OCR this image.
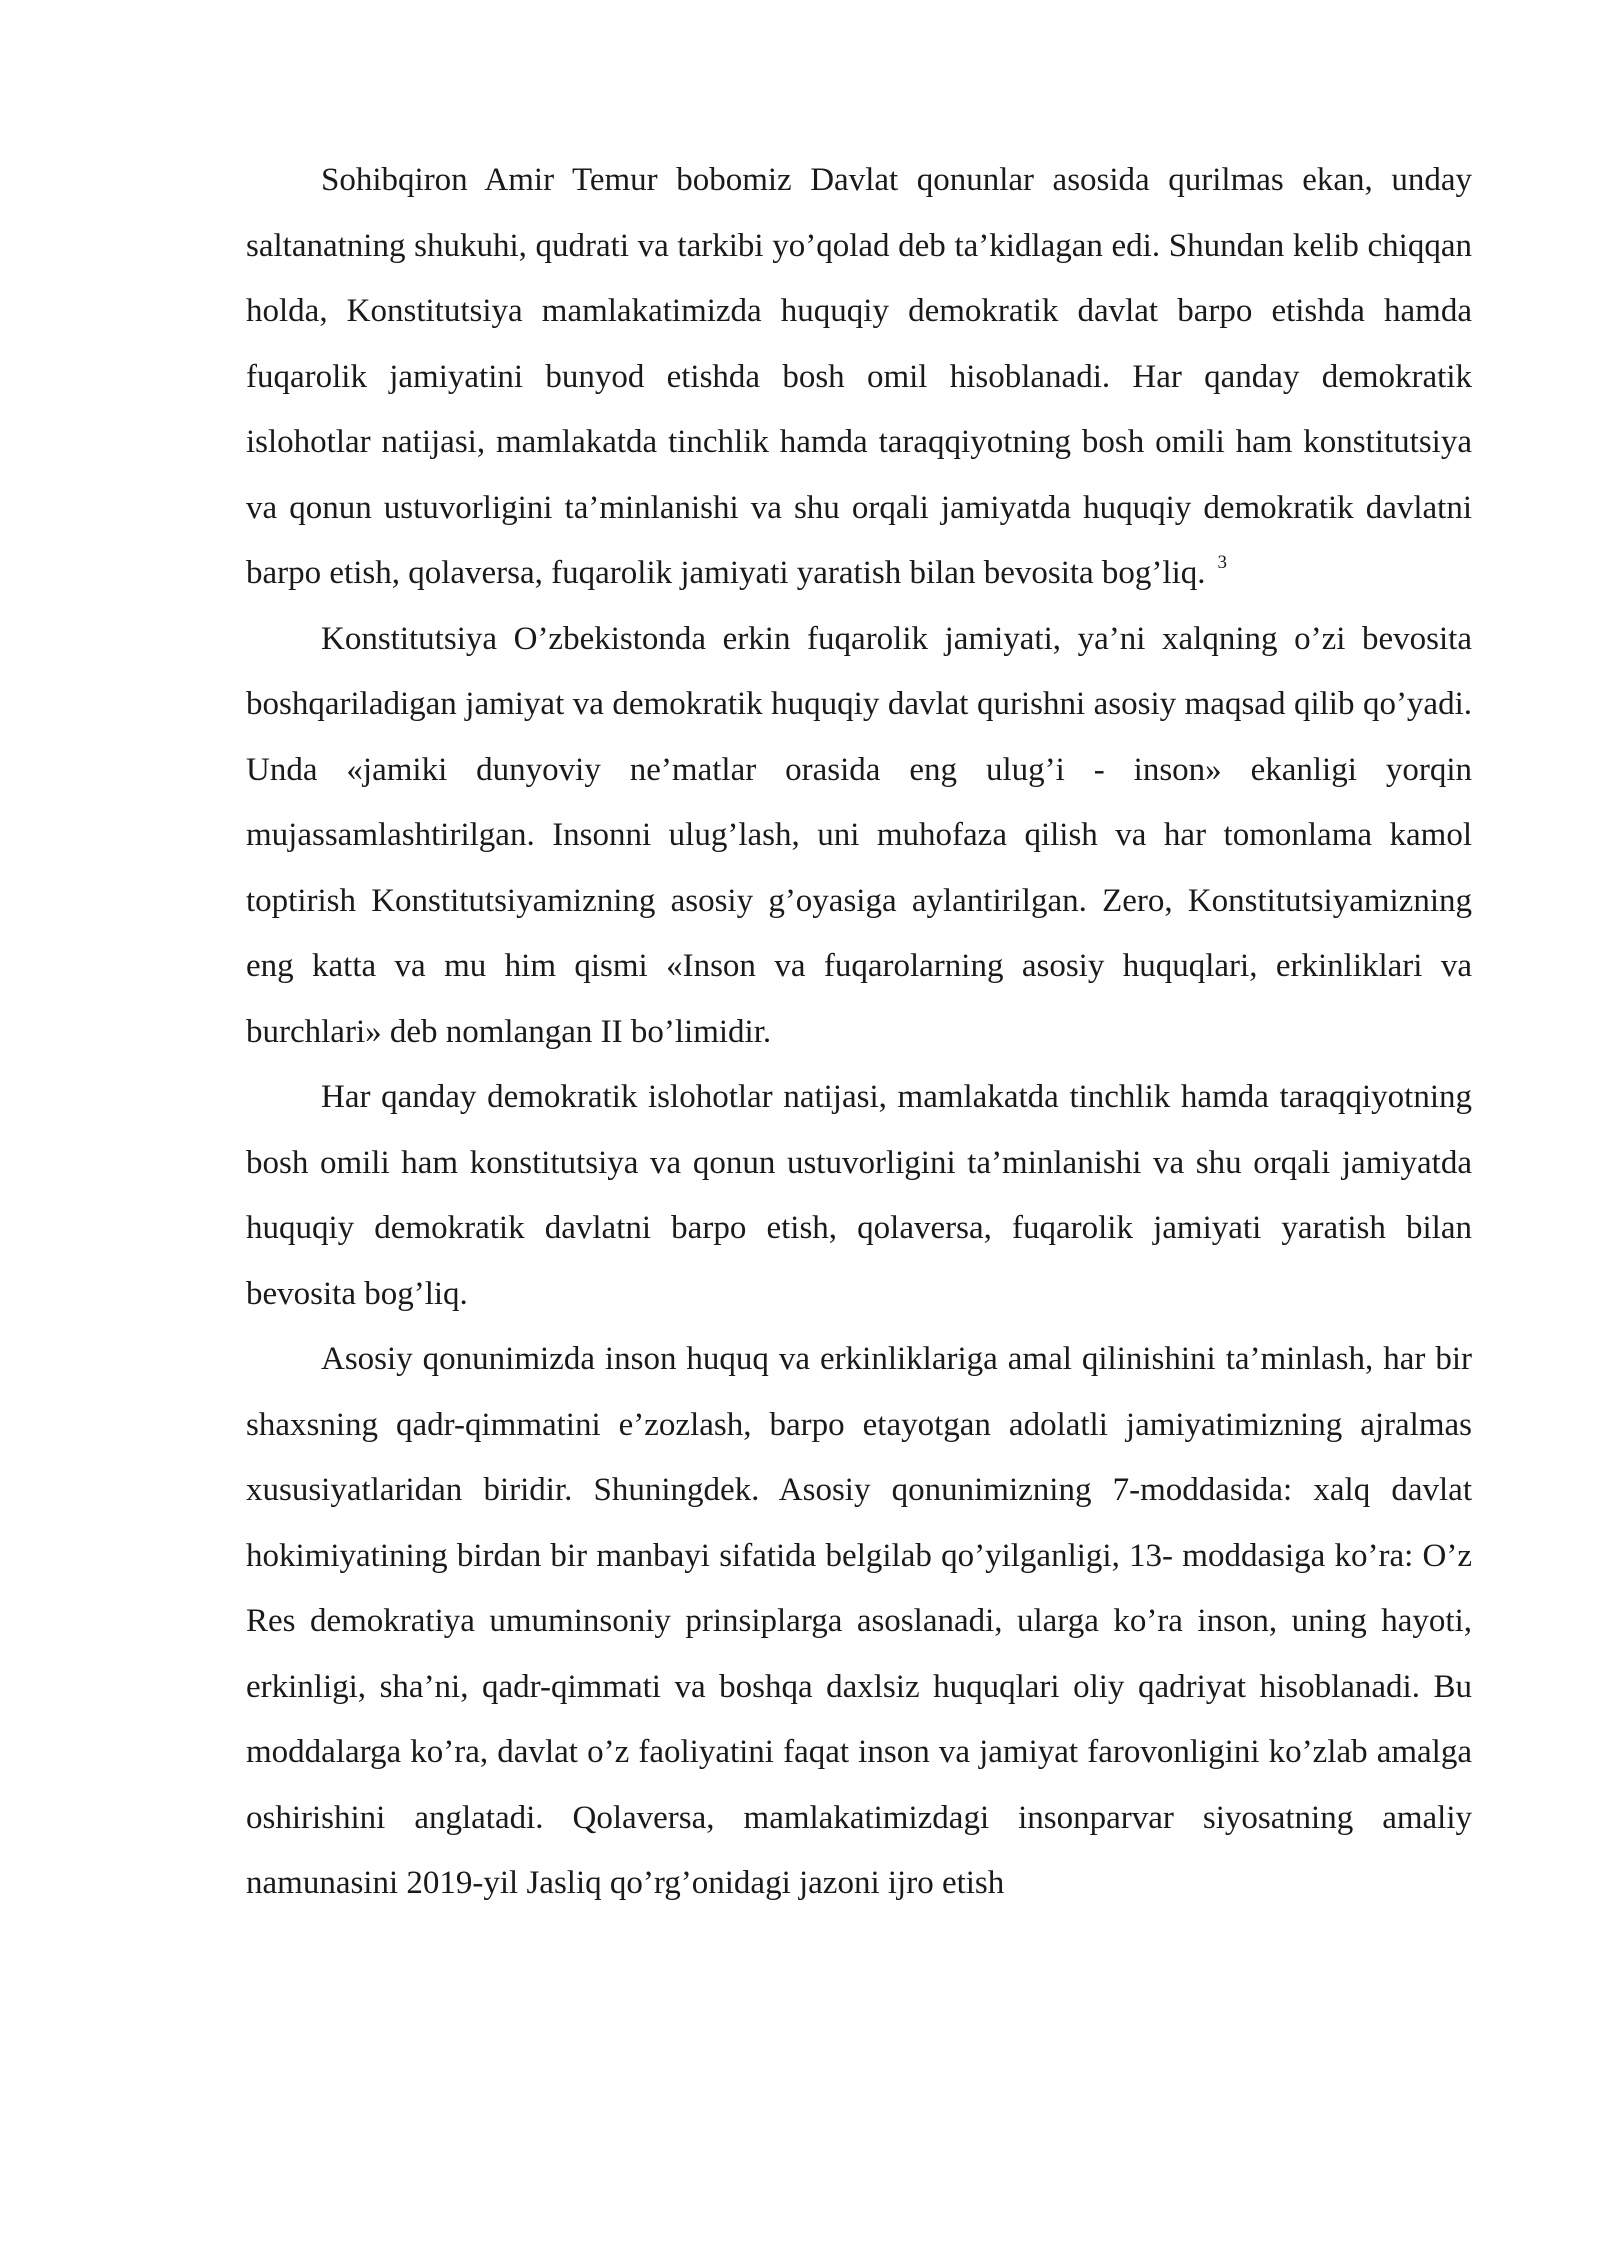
Sohibqiron Amir Temur bobomiz Davlat qonunlar asosida qurilmas ekan, unday saltanatning shukuhi, qudrati va tarkibi yo’qolad deb ta’kidlagan edi. Shundan kelib chiqqan holda, Konstitutsiya mamlakatimizda huquqiy demokratik davlat barpo etishda hamda fuqarolik jamiyatini bunyod etishda bosh omil hisoblanadi. Har qanday demokratik islohotlar natijasi, mamlakatda tinchlik hamda taraqqiyotning bosh omili ham konstitutsiya va qonun ustuvorligini ta’minlanishi va shu orqali jamiyatda huquqiy demokratik davlatni barpo etish, qolaversa, fuqarolik jamiyati yaratish bilan bevosita bog’liq. $^3$

Konstitutsiya O’zbekistonda erkin fuqarolik jamiyati, ya’ni xalqning o’zi bevosita boshqariladigan jamiyat va demokratik huquqiy davlat qurishni asosiy maqsad qilib qo’yadi. Unda «jamiki dunyoviy ne’matlar orasida eng ulug’i - inson» ekanligi yorqin mujassamlashtirilgan. Insonni ulug’lash, uni muhofaza qilish va har tomonlama kamol toptirish Konstitutsiyamizning asosiy g’oyasiga aylantirilgan. Zero, Konstitutsiyamizning eng katta va mu him qismi «Inson va fuqarolarning asosiy huquqlari, erkinliklari va burchlari» deb nomlangan II bo’limidir.

Har qanday demokratik islohotlar natijasi, mamlakatda tinchlik hamda taraqqiyotning bosh omili ham konstitutsiya va qonun ustuvorligini ta’minlanishi va shu orqali jamiyatda huquqiy demokratik davlatni barpo etish, qolaversa, fuqarolik jamiyati yaratish bilan bevosita bog’liq.

Asosiy qonunimizda inson huquq va erkinliklariga amal qilinishini ta’minlash, har bir shaxsning qadr-qimmatini e’zozlash, barpo etayotgan adolatli jamiyatimizning ajralmas xususiyatlaridan biridir. Shuningdek. Asosiy qonunimizning 7-moddasida: xalq davlat hokimiyatining birdan bir manbayi sifatida belgilab qo’yilganligi, 13- moddasiga ko’ra: O’z Res demokratiya umuminsoniy prinsiplarga asoslanadi, ularga ko’ra inson, uning hayoti, erkinligi, sha’ni, qadr-qimmati va boshqa daxlsiz huquqlari oliy qadriyat hisoblanadi. Bu moddalarga ko’ra, davlat o’z faoliyatini faqat inson va jamiyat farovonligini ko’zlab amalga oshirishini anglatadi. Qolaversa, mamlakatimizdagi insonparvar siyosatning amaliy namunasini 2019-yil Jasliq qo’rg’onidagi jazoni ijro etish
